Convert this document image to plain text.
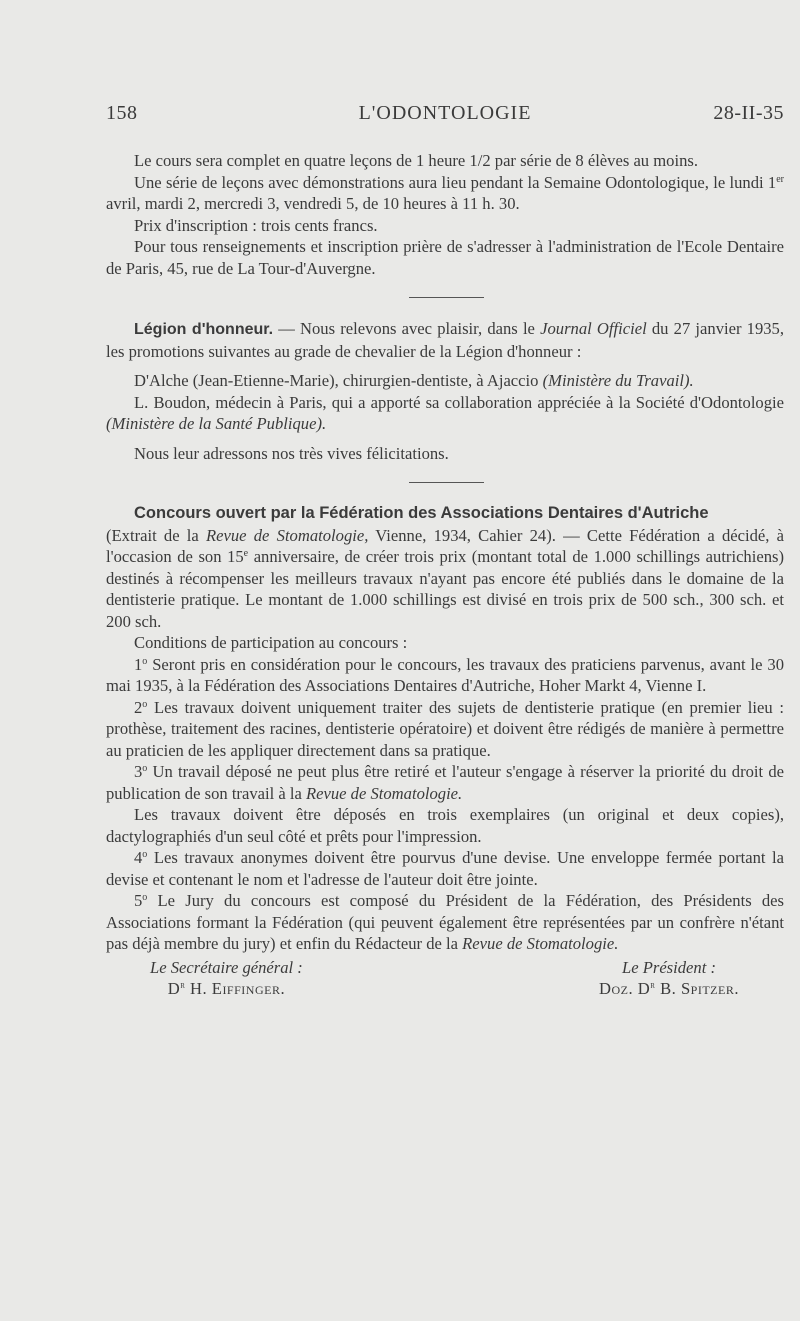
158	L'ODONTOLOGIE	28-II-35

Le cours sera complet en quatre leçons de 1 heure 1/2 par série de 8 élèves au moins.

Une série de leçons avec démonstrations aura lieu pendant la Semaine Odontologique, le lundi 1er avril, mardi 2, mercredi 3, vendredi 5, de 10 heures à 11 h. 30.

Prix d'inscription : trois cents francs.

Pour tous renseignements et inscription prière de s'adresser à l'administration de l'Ecole Dentaire de Paris, 45, rue de La Tour-d'Auvergne.

Légion d'honneur. — Nous relevons avec plaisir, dans le Journal Officiel du 27 janvier 1935, les promotions suivantes au grade de chevalier de la Légion d'honneur :

D'Alche (Jean-Etienne-Marie), chirurgien-dentiste, à Ajaccio (Ministère du Travail).

L. Boudon, médecin à Paris, qui a apporté sa collaboration appréciée à la Société d'Odontologie (Ministère de la Santé Publique).

Nous leur adressons nos très vives félicitations.

Concours ouvert par la Fédération des Associations Dentaires d'Autriche

(Extrait de la Revue de Stomatologie, Vienne, 1934, Cahier 24). — Cette Fédération a décidé, à l'occasion de son 15e anniversaire, de créer trois prix (montant total de 1.000 schillings autrichiens) destinés à récompenser les meilleurs travaux n'ayant pas encore été publiés dans le domaine de la dentisterie pratique. Le montant de 1.000 schillings est divisé en trois prix de 500 sch., 300 sch. et 200 sch.

Conditions de participation au concours :

1$^o$ Seront pris en considération pour le concours, les travaux des praticiens parvenus, avant le 30 mai 1935, à la Fédération des Associations Dentaires d'Autriche, Hoher Markt 4, Vienne I.

2$^o$ Les travaux doivent uniquement traiter des sujets de dentisterie pratique (en premier lieu : prothèse, traitement des racines, dentisterie opératoire) et doivent être rédigés de manière à permettre au praticien de les appliquer directement dans sa pratique.

3$^o$ Un travail déposé ne peut plus être retiré et l'auteur s'engage à réserver la priorité du droit de publication de son travail à la Revue de Stomatologie.

Les travaux doivent être déposés en trois exemplaires (un original et deux copies), dactylographiés d'un seul côté et prêts pour l'impression.

4$^o$ Les travaux anonymes doivent être pourvus d'une devise. Une enveloppe fermée portant la devise et contenant le nom et l'adresse de l'auteur doit être jointe.

5$^o$ Le Jury du concours est composé du Président de la Fédération, des Présidents des Associations formant la Fédération (qui peuvent également être représentées par un confrère n'étant pas déjà membre du jury) et enfin du Rédacteur de la Revue de Stomatologie.

Le Secrétaire général :
$D^r$ H. Eiffinger.
Le Président :
Doz. $D^r$ B. Spitzer.
